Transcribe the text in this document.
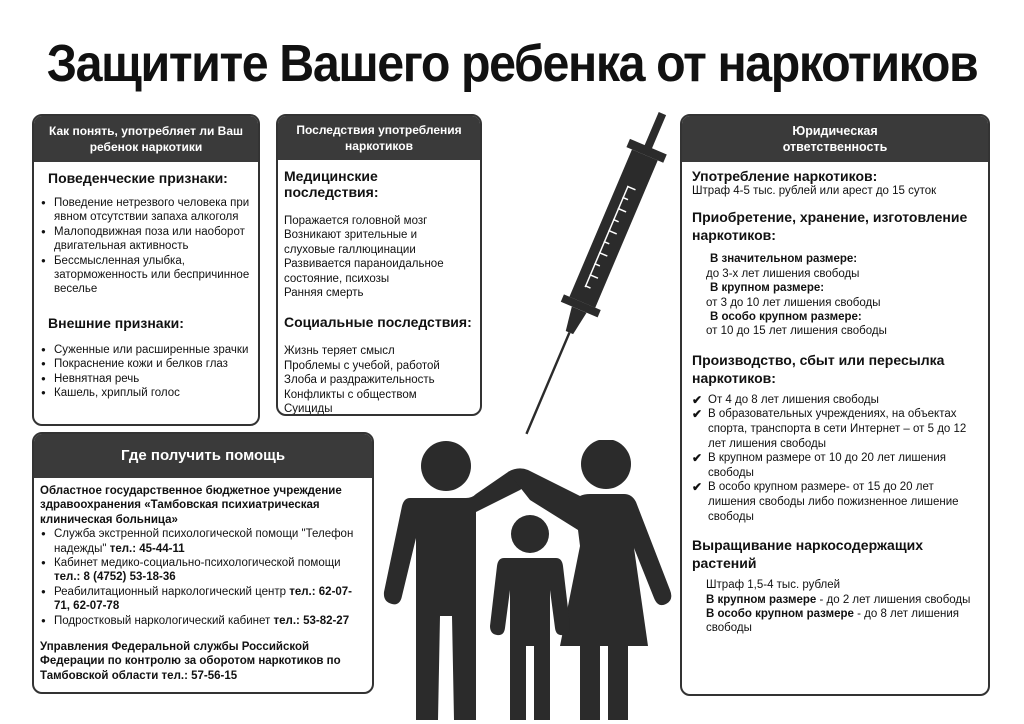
Защитите Вашего ребенка от наркотиков
Как понять, употребляет ли Ваш ребенок наркотики
Поведенческие признаки:
● Поведение нетрезвого человека при явном отсутствии запаха алкоголя
● Малоподвижная поза или наоборот двигательная активность
● Бессмысленная улыбка, заторможенность или беспричинное веселье
Внешние признаки:
● Суженные или расширенные зрачки
● Покраснение кожи и белков глаз
● Невнятная речь
● Кашель, хриплый голос
Последствия употребления наркотиков
Медицинские последствия:
Поражается головной мозг
Возникают зрительные и
слуховые галлюцинации
Развивается параноидальное
состояние, психозы
Ранняя смерть
Социальные последствия:
Жизнь теряет смысл
Проблемы с учебой, работой
Злоба и раздражительность
Конфликты с обществом
Суициды
Где получить помощь
Областное государственное бюджетное учреждение здравоохранения «Тамбовская психиатрическая клиническая больница»
● Служба экстренной психологической помощи "Телефон надежды" тел.: 45-44-11
● Кабинет медико-социально-психологической помощи тел.: 8 (4752) 53-18-36
● Реабилитационный наркологический центр тел.: 62-07-71, 62-07-78
● Подростковый наркологический кабинет тел.: 53-82-27
Управления Федеральной службы Российской Федерации по контролю за оборотом наркотиков по Тамбовской области тел.: 57-56-15
Юридическая ответственность
Употребление наркотиков:
Штраф 4-5 тыс. рублей или арест до 15 суток
Приобретение, хранение, изготовление наркотиков:
В значительном размере:
до 3-х лет лишения свободы
В крупном размере:
от 3 до 10 лет лишения свободы
В особо крупном размере:
от 10 до 15 лет лишения свободы
Производство, сбыт или пересылка наркотиков:
✔ От 4 до 8 лет лишения свободы
✔ В образовательных учреждениях, на объектах спорта, транспорта в сети Интернет – от 5 до 12 лет лишения свободы
✔ В крупном размере от 10 до 20 лет лишения свободы
✔ В особо крупном размере- от 15 до 20 лет лишения свободы либо пожизненное лишение свободы
Выращивание наркосодержащих растений
Штраф 1,5-4 тыс. рублей
В крупном размере - до 2 лет лишения свободы
В особо крупном размере - до 8 лет лишения свободы
